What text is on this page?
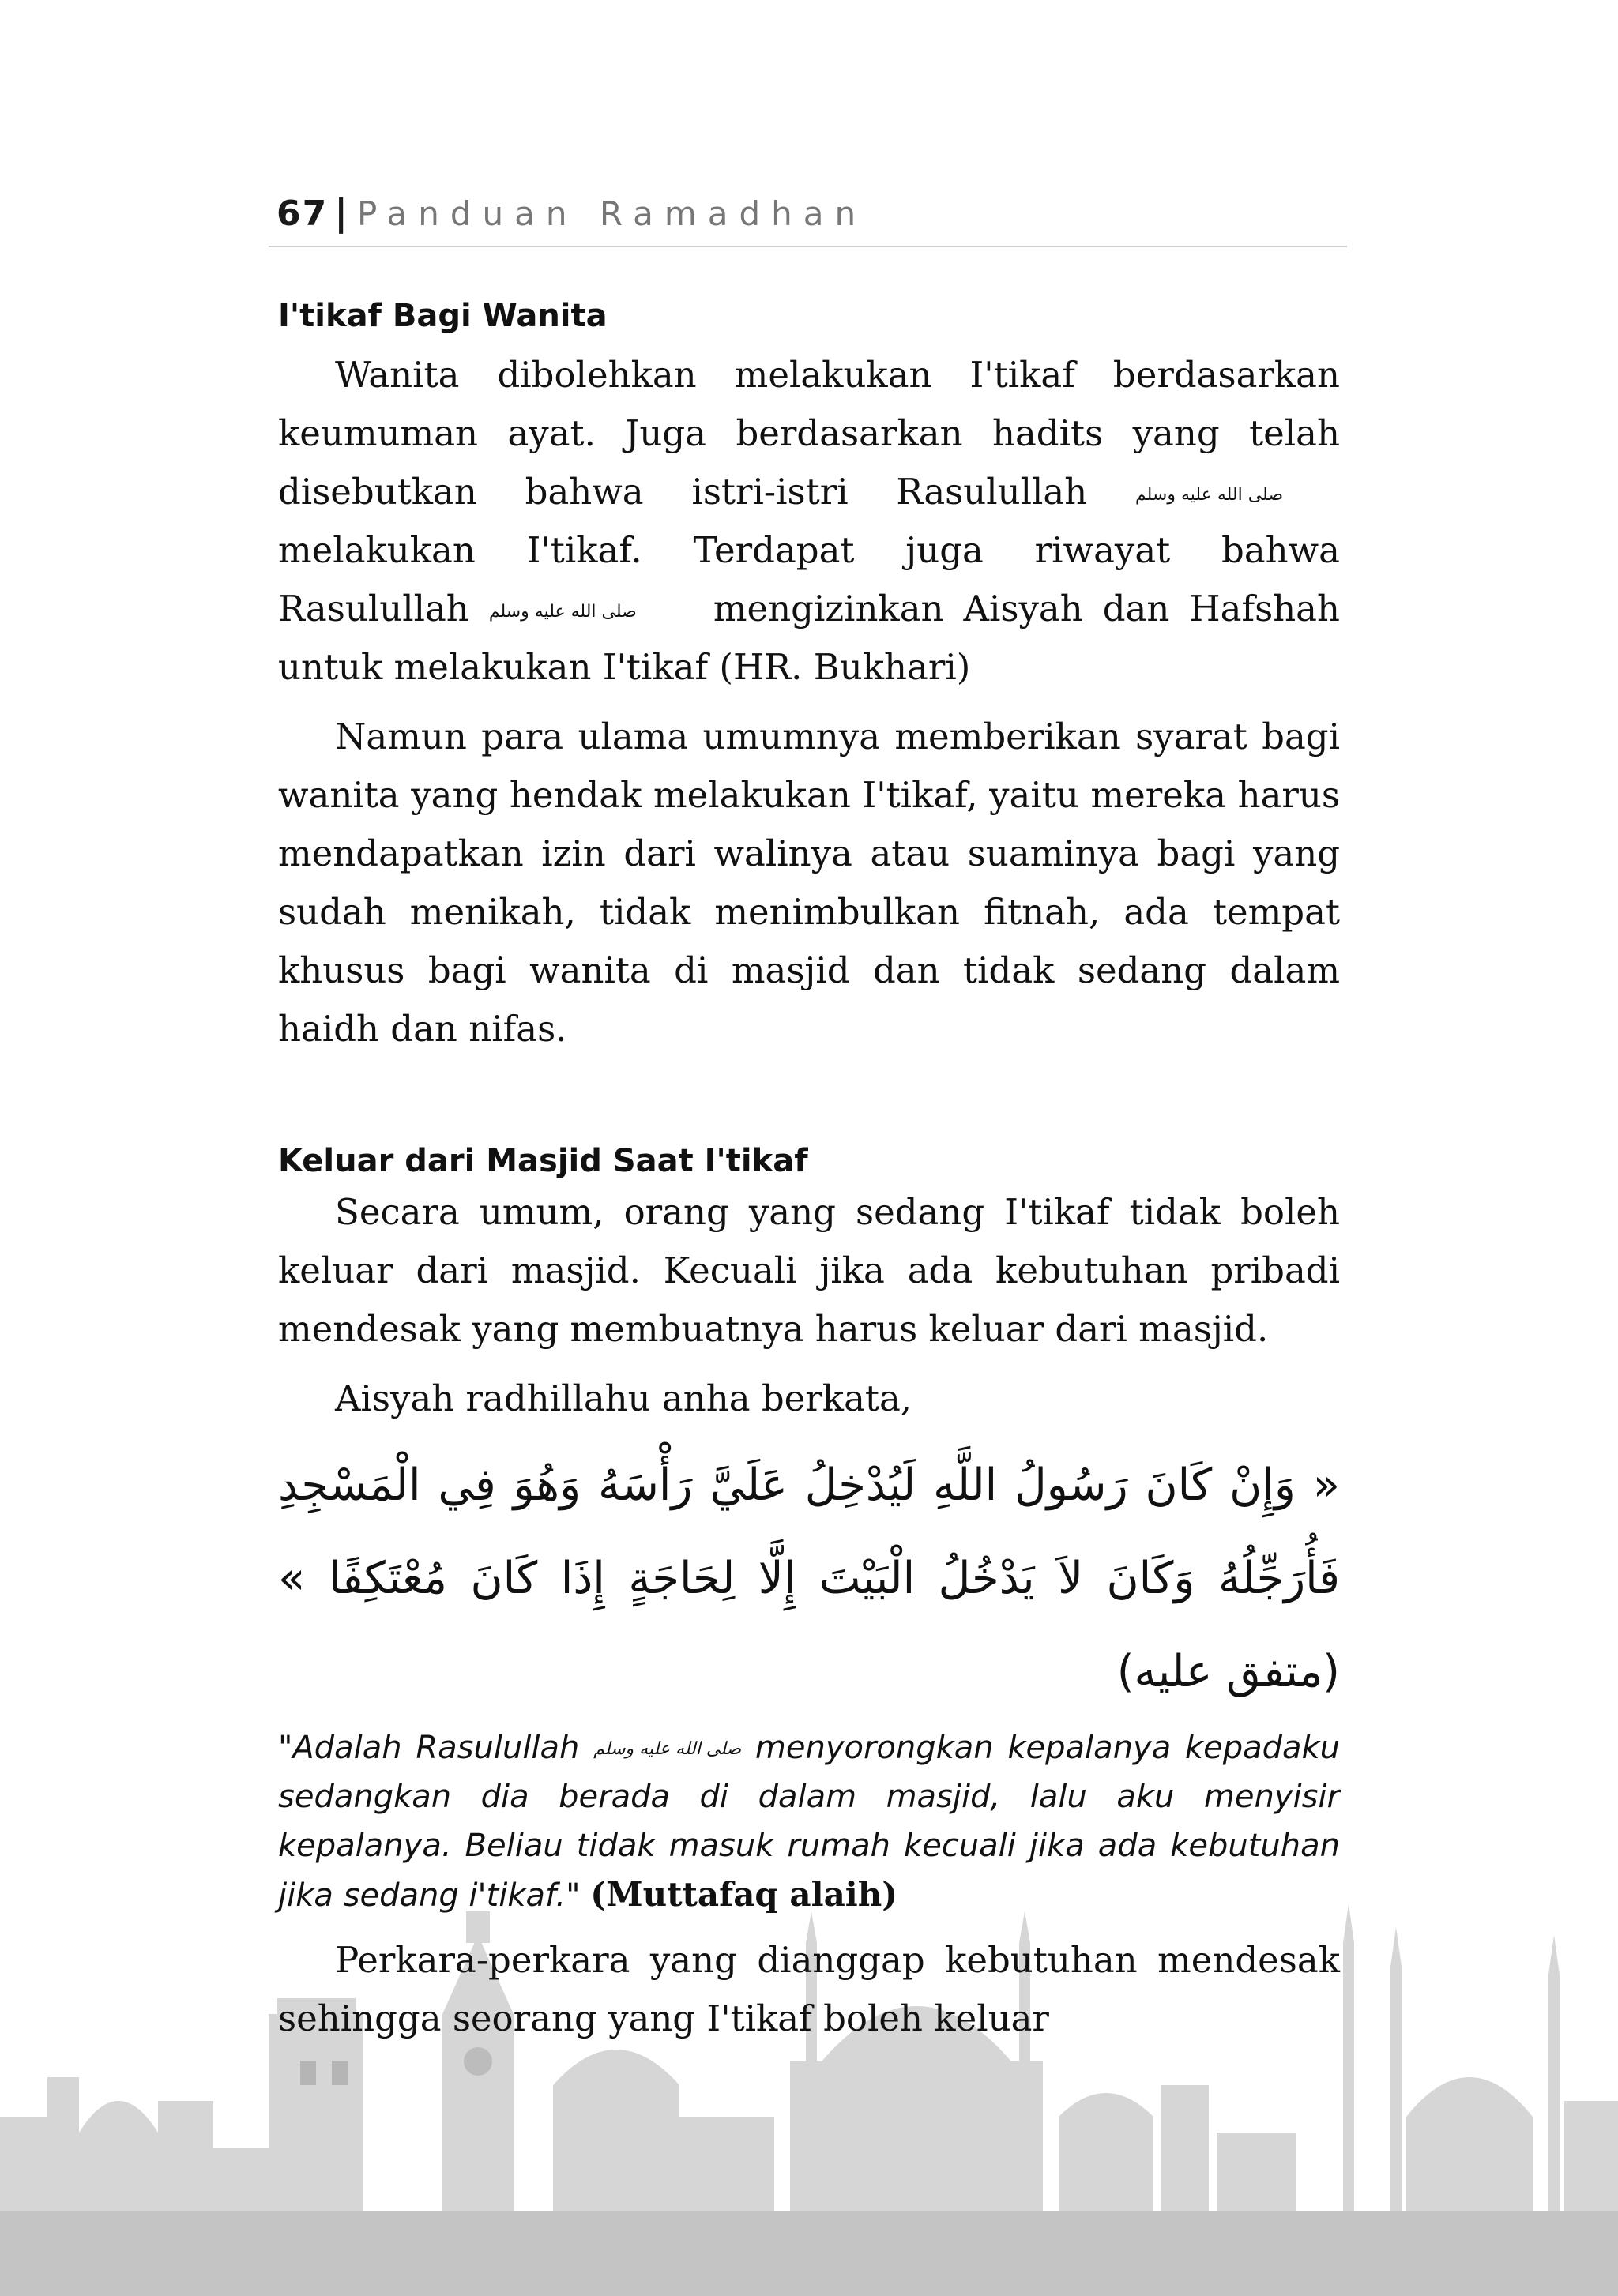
67 | Panduan Ramadhan
I'tikaf Bagi Wanita

Wanita dibolehkan melakukan I'tikaf berdasarkan keumuman ayat. Juga berdasarkan hadits yang telah disebutkan bahwa istri-istri Rasulullah	صلى الله عليه وسلم melakukan I'tikaf. Terdapat juga riwayat bahwa Rasulullah صلى الله عليه وسلم mengizinkan Aisyah dan Hafshah untuk melakukan I'tikaf (HR. Bukhari)

Namun para ulama umumnya memberikan syarat bagi wanita yang hendak melakukan I'tikaf, yaitu mereka harus mendapatkan izin dari walinya atau suaminya bagi yang sudah menikah, tidak menimbulkan fitnah, ada tempat khusus bagi wanita di masjid dan tidak sedang dalam haidh dan nifas.

Keluar dari Masjid Saat I'tikaf

Secara umum, orang yang sedang I'tikaf tidak boleh keluar dari masjid. Kecuali jika ada kebutuhan pribadi mendesak yang membuatnya harus keluar dari masjid.

Aisyah radhillahu anha berkata,

« وَإِنْ كَانَ رَسُولُ اللَّهِ لَيُدْخِلُ عَلَيَّ رَأْسَهُ وَهُوَ فِي الْمَسْجِدِ فَأُرَجِّلُهُ وَكَانَ لاَ يَدْخُلُ الْبَيْتَ إِلَّا لِحَاجَةٍ إِذَا كَانَ مُعْتَكِفًا » (متفق عليه)

"Adalah Rasulullah صلى الله عليه وسلم menyorongkan kepalanya kepadaku sedangkan dia berada di dalam masjid, lalu aku menyisir kepalanya. Beliau tidak masuk rumah kecuali jika ada kebutuhan jika sedang i'tikaf." (Muttafaq alaih)

Perkara-perkara yang dianggap kebutuhan mendesak sehingga seorang yang I'tikaf boleh keluar
